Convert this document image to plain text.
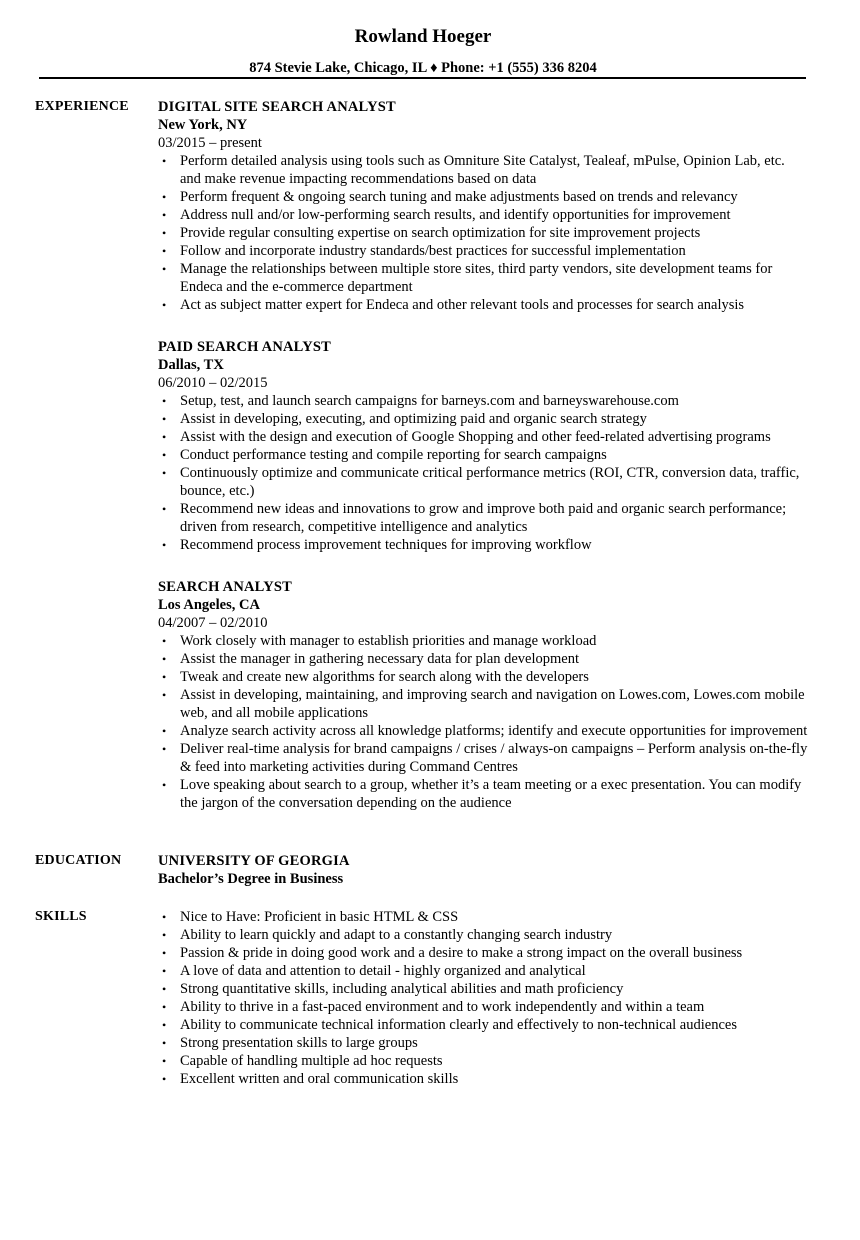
Rowland Hoeger
874 Stevie Lake, Chicago, IL ♦ Phone: +1 (555) 336 8204
EXPERIENCE DIGITAL SITE SEARCH ANALYST
New York, NY
03/2015 – present
• Perform detailed analysis using tools such as Omniture Site Catalyst, Tealeaf, mPulse, Opinion Lab, etc. and make revenue impacting recommendations based on data
• Perform frequent & ongoing search tuning and make adjustments based on trends and relevancy
• Address null and/or low-performing search results, and identify opportunities for improvement
• Provide regular consulting expertise on search optimization for site improvement projects
• Follow and incorporate industry standards/best practices for successful implementation
• Manage the relationships between multiple store sites, third party vendors, site development teams for Endeca and the e-commerce department
• Act as subject matter expert for Endeca and other relevant tools and processes for search analysis
PAID SEARCH ANALYST
Dallas, TX
06/2010 – 02/2015
• Setup, test, and launch search campaigns for barneys.com and barneyswarehouse.com
• Assist in developing, executing, and optimizing paid and organic search strategy
• Assist with the design and execution of Google Shopping and other feed-related advertising programs
• Conduct performance testing and compile reporting for search campaigns
• Continuously optimize and communicate critical performance metrics (ROI, CTR, conversion data, traffic, bounce, etc.)
• Recommend new ideas and innovations to grow and improve both paid and organic search performance; driven from research, competitive intelligence and analytics
• Recommend process improvement techniques for improving workflow
SEARCH ANALYST
Los Angeles, CA
04/2007 – 02/2010
• Work closely with manager to establish priorities and manage workload
• Assist the manager in gathering necessary data for plan development
• Tweak and create new algorithms for search along with the developers
• Assist in developing, maintaining, and improving search and navigation on Lowes.com, Lowes.com mobile web, and all mobile applications
• Analyze search activity across all knowledge platforms; identify and execute opportunities for improvement
• Deliver real-time analysis for brand campaigns / crises / always-on campaigns – Perform analysis on-the-fly & feed into marketing activities during Command Centres
• Love speaking about search to a group, whether it’s a team meeting or a exec presentation. You can modify the jargon of the conversation depending on the audience
EDUCATION	UNIVERSITY OF GEORGIA
Bachelor’s Degree in Business
SKILLS	• Nice to Have: Proficient in basic HTML & CSS
• Ability to learn quickly and adapt to a constantly changing search industry
• Passion & pride in doing good work and a desire to make a strong impact on the overall business
• A love of data and attention to detail - highly organized and analytical
• Strong quantitative skills, including analytical abilities and math proficiency
• Ability to thrive in a fast-paced environment and to work independently and within a team
• Ability to communicate technical information clearly and effectively to non-technical audiences
• Strong presentation skills to large groups
• Capable of handling multiple ad hoc requests
• Excellent written and oral communication skills
